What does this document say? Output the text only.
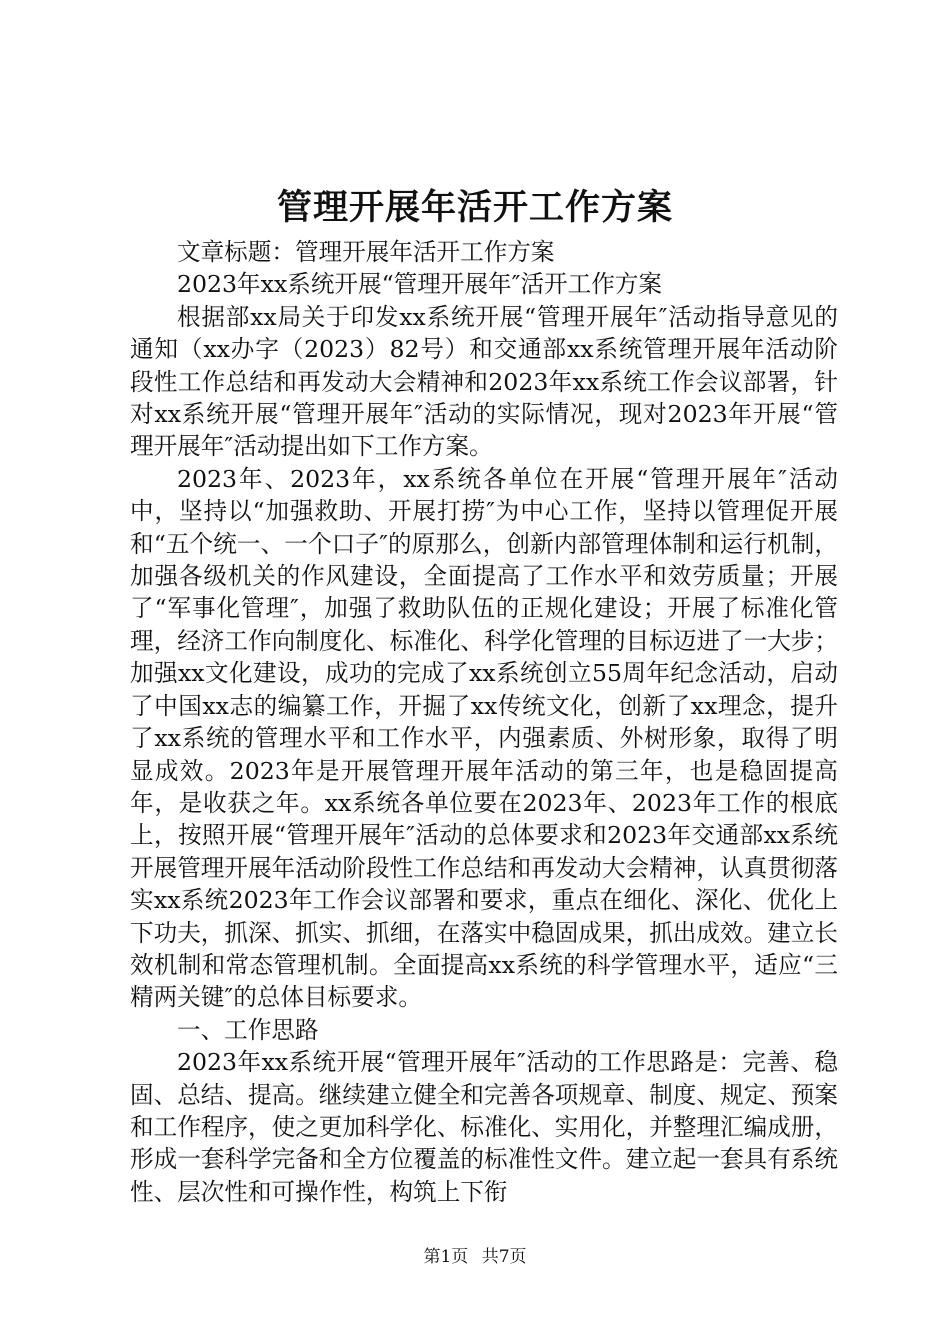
管理开展年活开工作方案

文章标题：管理开展年活开工作方案

2023年xx系统开展“管理开展年″活开工作方案

根据部xx局关于印发xx系统开展“管理开展年″活动指导意见的通知（xx办字（2023）82号）和交通部xx系统管理开展年活动阶段性工作总结和再发动大会精神和2023年xx系统工作会议部署，针对xx系统开展“管理开展年″活动的实际情况，现对2023年开展“管理开展年″活动提出如下工作方案。

2023年、2023年，xx系统各单位在开展“管理开展年″活动中，坚持以“加强救助、开展打捞″为中心工作，坚持以管理促开展和“五个统一、一个口子″的原那么，创新内部管理体制和运行机制，加强各级机关的作风建设，全面提高了工作水平和效劳质量；开展了“军事化管理″，加强了救助队伍的正规化建设；开展了标准化管理，经济工作向制度化、标准化、科学化管理的目标迈进了一大步；加强xx文化建设，成功的完成了xx系统创立55周年纪念活动，启动了中国xx志的编纂工作，开掘了xx传统文化，创新了xx理念，提升了xx系统的管理水平和工作水平，内强素质、外树形象，取得了明显成效。2023年是开展管理开展年活动的第三年，也是稳固提高年，是收获之年。xx系统各单位要在2023年、2023年工作的根底上，按照开展“管理开展年″活动的总体要求和2023年交通部xx系统开展管理开展年活动阶段性工作总结和再发动大会精神，认真贯彻落实xx系统2023年工作会议部署和要求，重点在细化、深化、优化上下功夫，抓深、抓实、抓细，在落实中稳固成果，抓出成效。建立长效机制和常态管理机制。全面提高xx系统的科学管理水平，适应“三精两关键″的总体目标要求。

一、工作思路

2023年xx系统开展“管理开展年″活动的工作思路是：完善、稳固、总结、提高。继续建立健全和完善各项规章、制度、规定、预案和工作程序，使之更加科学化、标准化、实用化，并整理汇编成册，形成一套科学完备和全方位覆盖的标准性文件。建立起一套具有系统性、层次性和可操作性，构筑上下衔

第1页 共7页
